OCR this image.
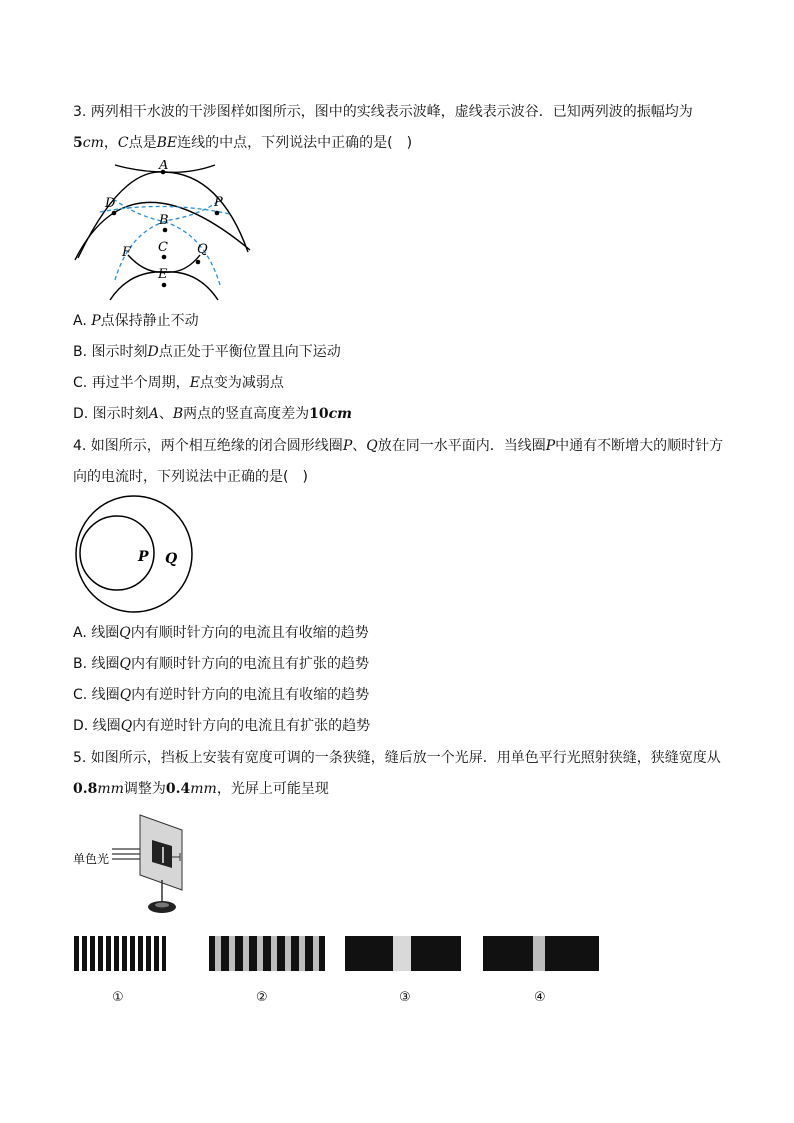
3. 两列相干水波的干涉图样如图所示，图中的实线表示波峰，虚线表示波谷．已知两列波的振幅均为
5cm，C点是BE连线的中点，下列说法中正确的是(　)
A
D	P
B
C
F	Q
E
A. P点保持静止不动
B. 图示时刻D点正处于平衡位置且向下运动
C. 再过半个周期，E点变为减弱点
D. 图示时刻A、B两点的竖直高度差为10cm
4. 如图所示，两个相互绝缘的闭合圆形线圈P、Q放在同一水平面内．当线圈P中通有不断增大的顺时针方
向的电流时，下列说法中正确的是(　)
P Q
A. 线圈Q内有顺时针方向的电流且有收缩的趋势
B. 线圈Q内有顺时针方向的电流且有扩张的趋势
C. 线圈Q内有逆时针方向的电流且有收缩的趋势
D. 线圈Q内有逆时针方向的电流且有扩张的趋势
5. 如图所示，挡板上安装有宽度可调的一条狭缝，缝后放一个光屏．用单色平行光照射狭缝，狭缝宽度从
0.8mm调整为0.4mm，光屏上可能呈现
单色光
①	②	③	④
